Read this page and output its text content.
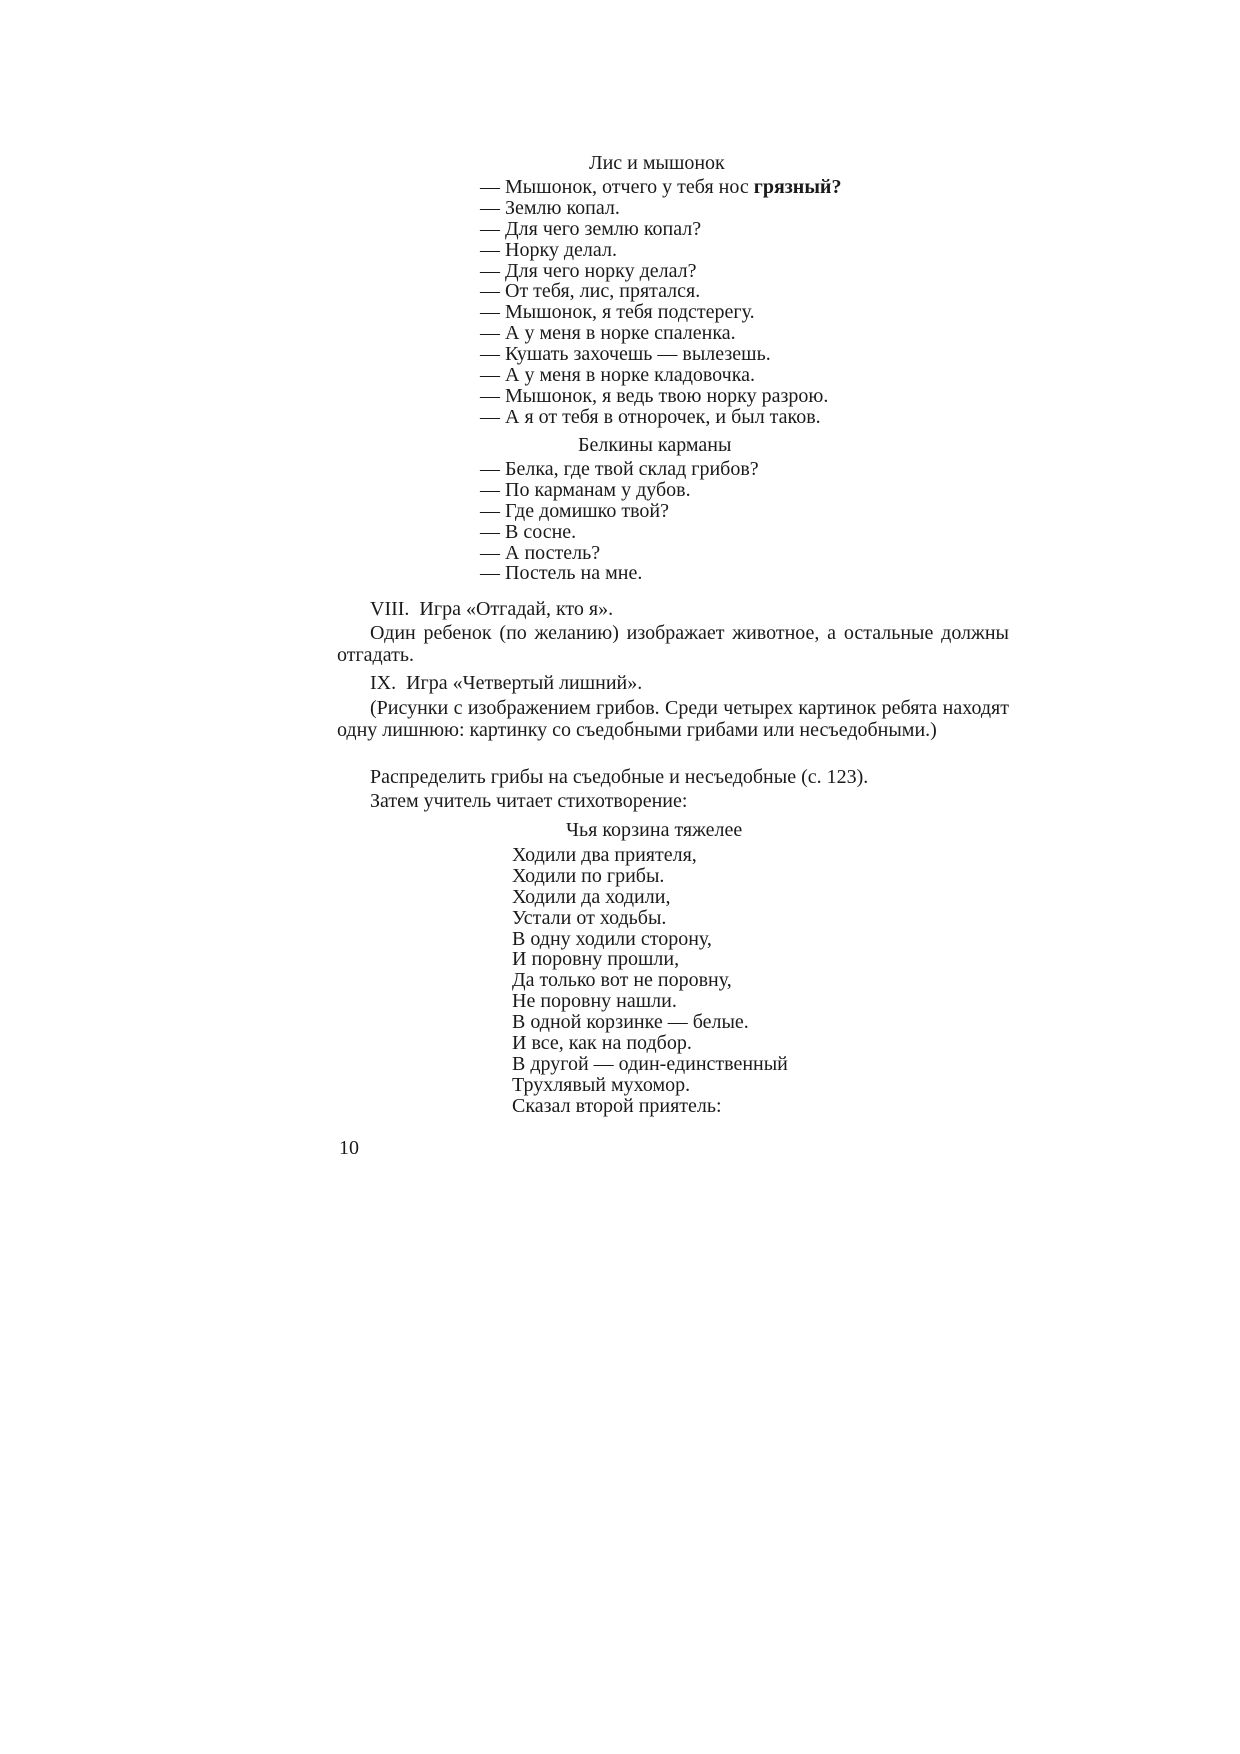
Лис и мышонок
— Мышонок, отчего у тебя нос грязный?
— Землю копал.
— Для чего землю копал?
— Норку делал.
— Для чего норку делал?
— От тебя, лис, прятался.
— Мышонок, я тебя подстерегу.
— А у меня в норке спаленка.
— Кушать захочешь — вылезешь.
— А у меня в норке кладовочка.
— Мышонок, я ведь твою норку разрою.
— А я от тебя в отнорочек, и был таков.
Белкины карманы
— Белка, где твой склад грибов?
— По карманам у дубов.
— Где домишко твой?
— В сосне.
— А постель?
— Постель на мне.
VIII.  Игра «Отгадай, кто я».
Один ребенок (по желанию) изображает животное, а остальные должны отгадать.
IX.  Игра «Четвертый лишний».
(Рисунки с изображением грибов. Среди четырех картинок ребята находят одну лишнюю: картинку со съедобными грибами или несъедобными.)
Распределить грибы на съедобные и несъедобные (с. 123).
Затем учитель читает стихотворение:
Чья корзина тяжелее
Ходили два приятеля,
Ходили по грибы.
Ходили да ходили,
Устали от ходьбы.
В одну ходили сторону,
И поровну прошли,
Да только вот не поровну,
Не поровну нашли.
В одной корзинке — белые.
И все, как на подбор.
В другой — один-единственный
Трухлявый мухомор.
Сказал второй приятель:
10
